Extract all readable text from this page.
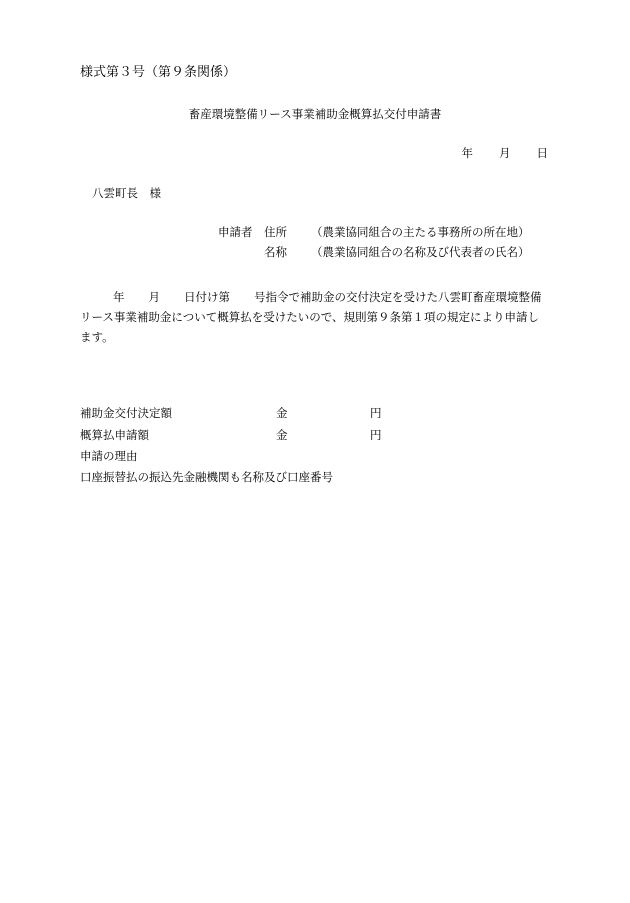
様式第３号（第９条関係）
畜産環境整備リース事業補助金概算払交付申請書
年 月 日
八雲町長　様
申請者 住所 （農業協同組合の主たる事務所の所在地）
名称 （農業協同組合の名称及び代表者の氏名）
年 月 日付け第 号指令で補助金の交付決定を受けた八雲町畜産環境整備リース事業補助金について概算払を受けたいので、規則第９条第１項の規定により申請します。
補助金交付決定額	金	円
概算払申請額	金	円
申請の理由
口座振替払の振込先金融機関も名称及び口座番号
